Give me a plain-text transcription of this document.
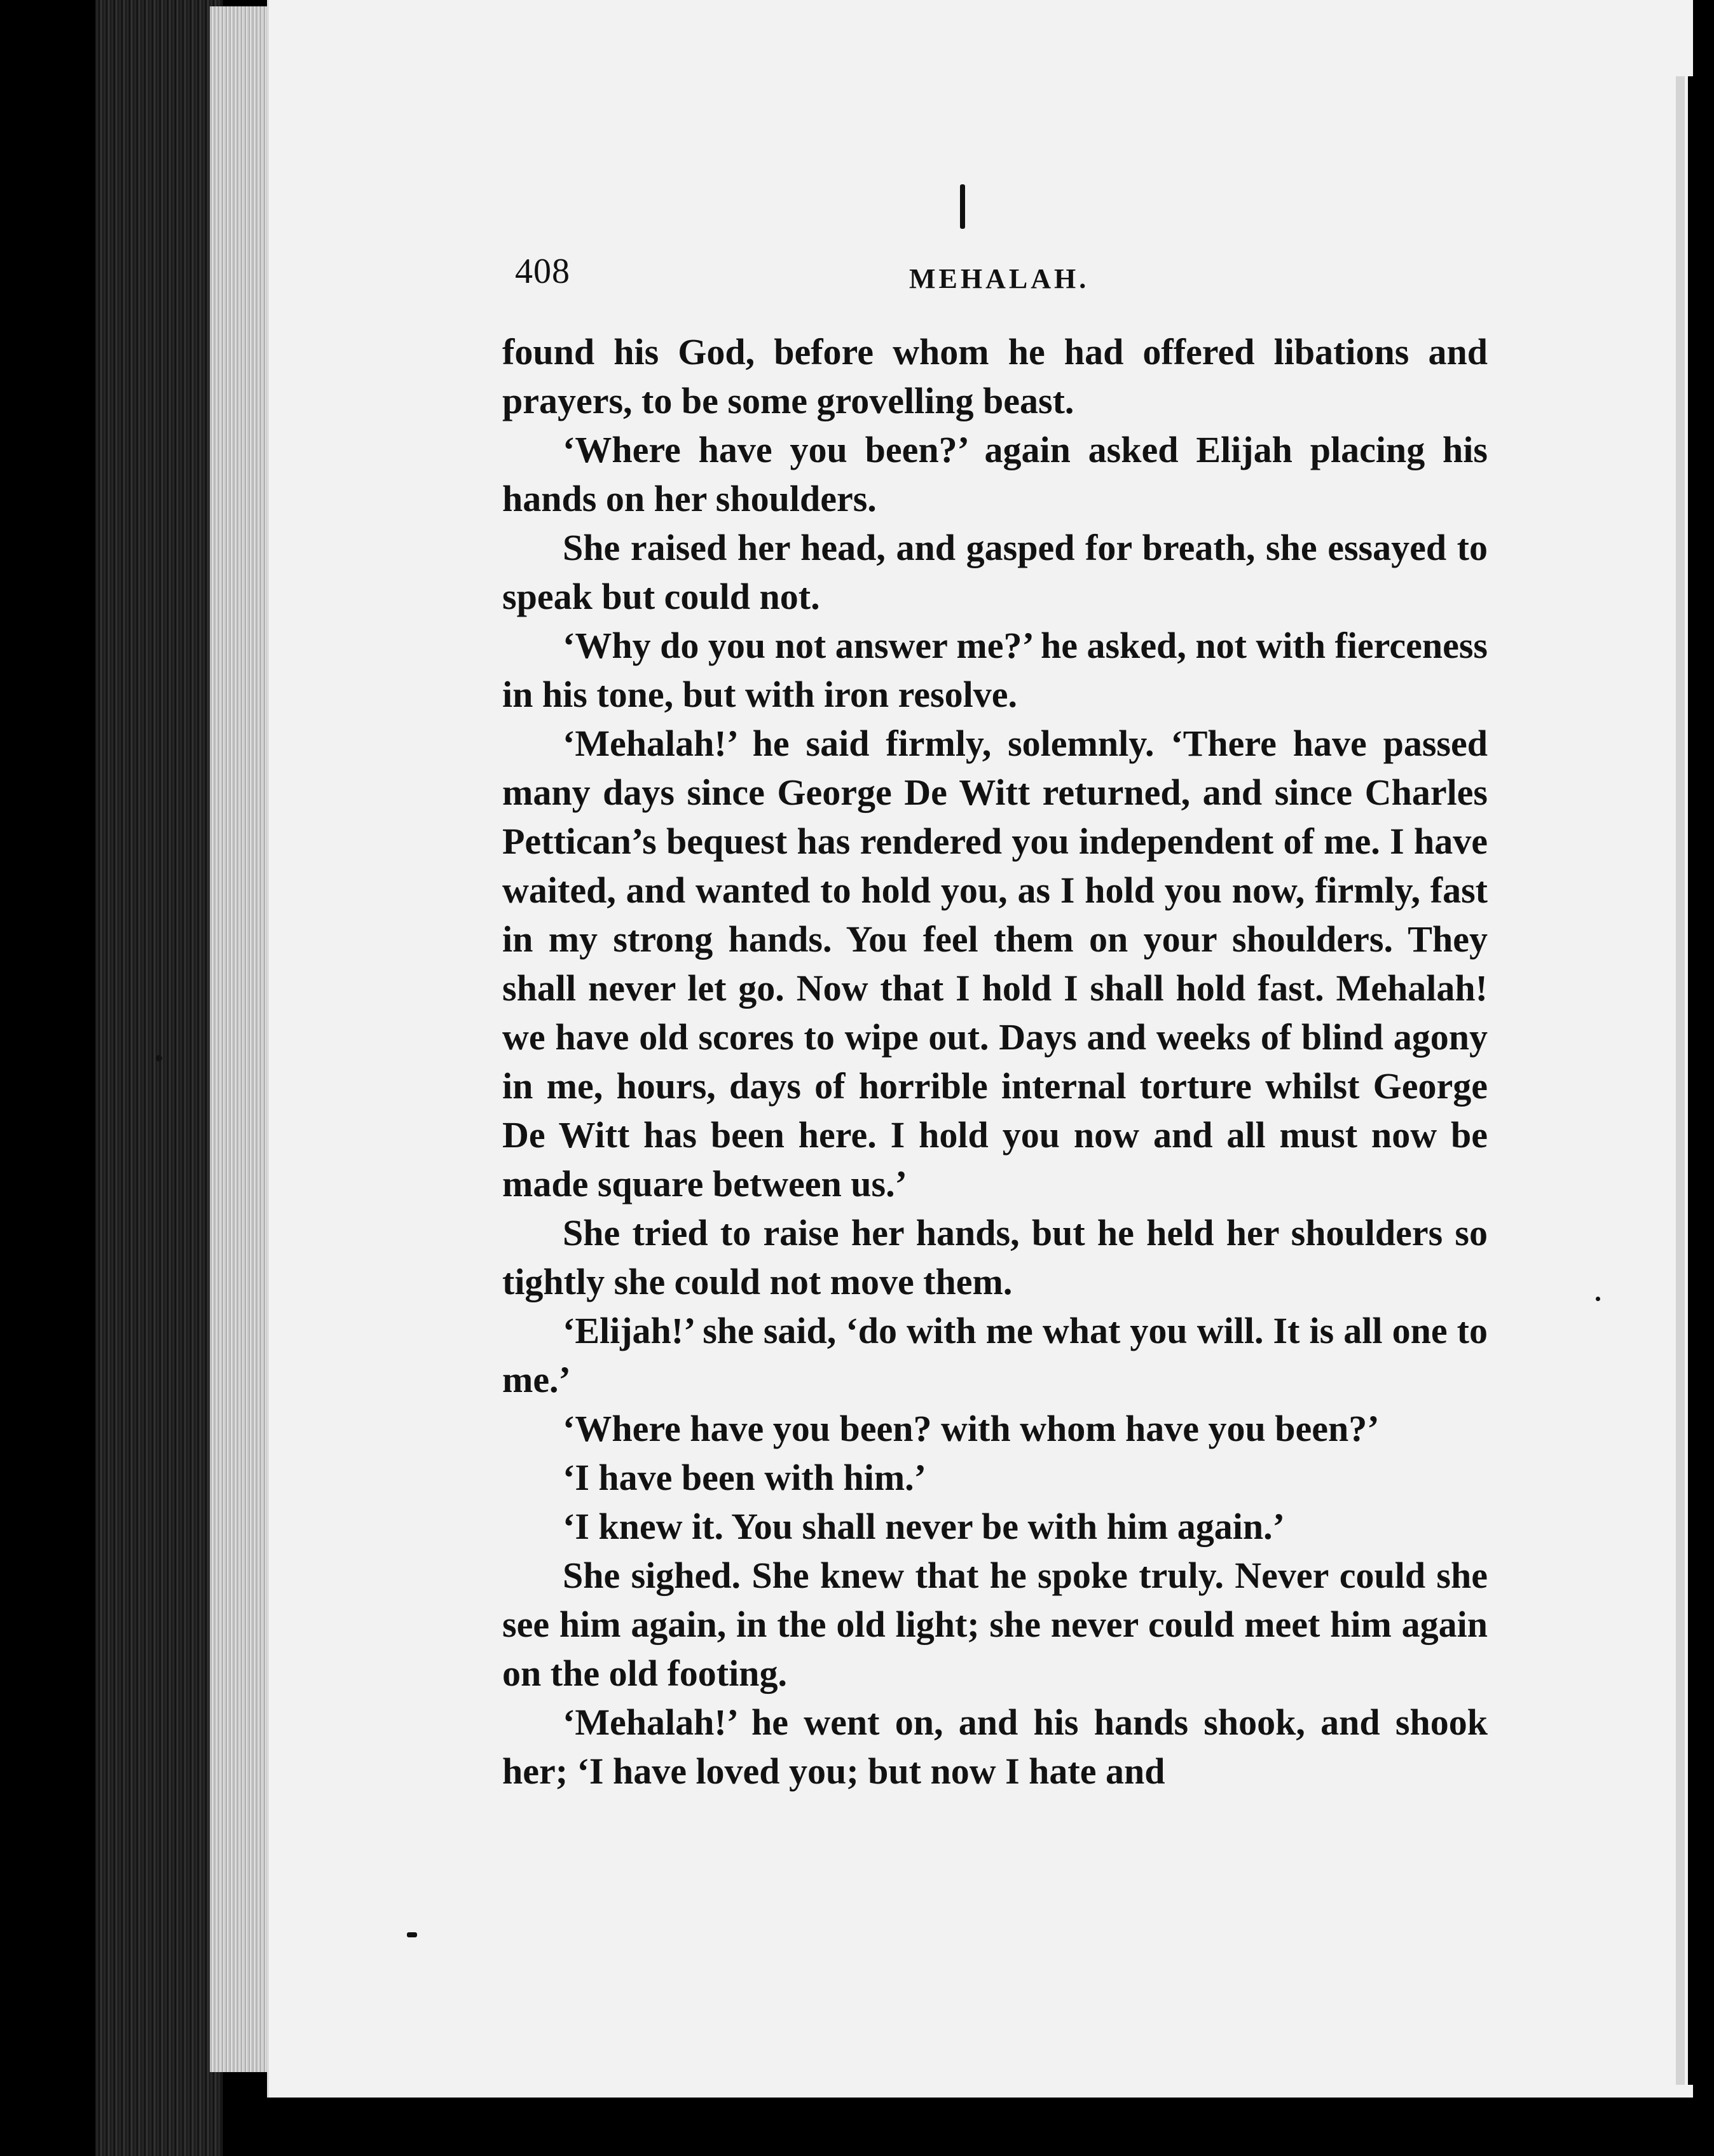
408	MEHALAH.

found his God, before whom he had offered libations and prayers, to be some grovelling beast.

‘Where have you been?’ again asked Elijah placing his hands on her shoulders.

She raised her head, and gasped for breath, she essayed to speak but could not.

‘Why do you not answer me?’ he asked, not with fierceness in his tone, but with iron resolve.

‘Mehalah!’ he said firmly, solemnly. ‘There have passed many days since George De Witt returned, and since Charles Pettican’s bequest has rendered you independent of me. I have waited, and wanted to hold you, as I hold you now, firmly, fast in my strong hands. You feel them on your shoulders. They shall never let go. Now that I hold I shall hold fast. Mehalah! we have old scores to wipe out. Days and weeks of blind agony in me, hours, days of horrible internal torture whilst George De Witt has been here. I hold you now and all must now be made square between us.’

She tried to raise her hands, but he held her shoulders so tightly she could not move them.

‘Elijah!’ she said, ‘do with me what you will. It is all one to me.’

‘Where have you been? with whom have you been?’

‘I have been with him.’

‘I knew it. You shall never be with him again.’

She sighed. She knew that he spoke truly. Never could she see him again, in the old light; she never could meet him again on the old footing.

‘Mehalah!’ he went on, and his hands shook, and shook her; ‘I have loved you; but now I hate and
